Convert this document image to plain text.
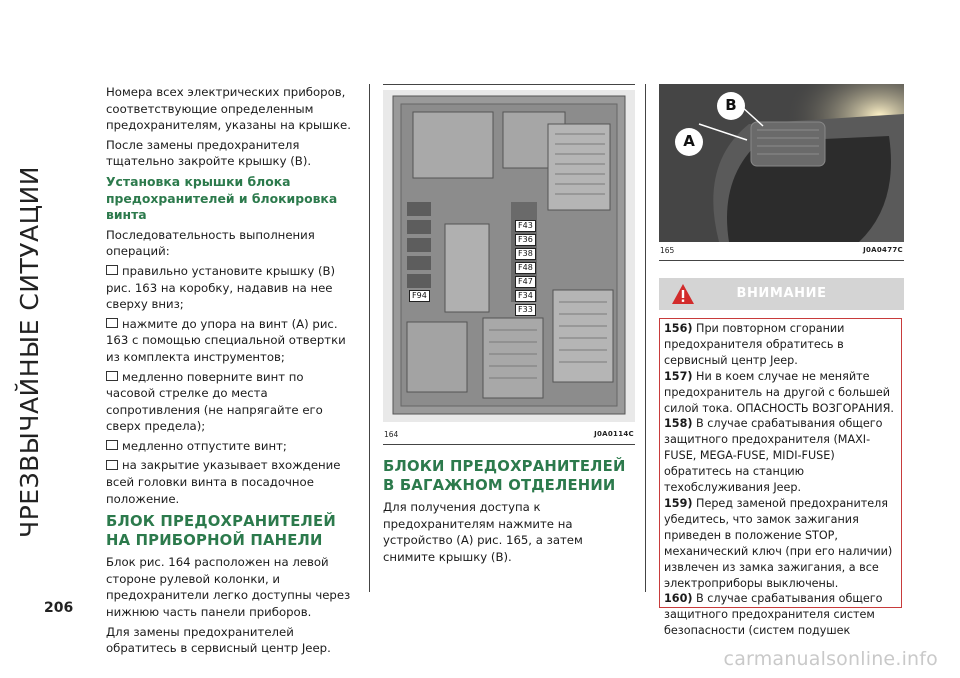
ЧРЕЗВЫЧАЙНЫЕ СИТУАЦИИ
206

Номера всех электрических приборов, соответствующие определенным предохранителям, указаны на крышке.

После замены предохранителя тщательно закройте крышку (В).

Установка крышки блока предохранителей и блокировка винта

Последовательность выполнения операций:

правильно установите крышку (В) рис. 163 на коробку, надавив на нее сверху вниз;

нажмите до упора на винт (А) рис. 163 с помощью специальной отвертки из комплекта инструментов;

медленно поверните винт по часовой стрелке до места сопротивления (не напрягайте его сверх предела);

медленно отпустите винт;

на закрытие указывает вхождение всей головки винта в посадочное положение.

БЛОК ПРЕДОХРАНИТЕЛЕЙ НА ПРИБОРНОЙ ПАНЕЛИ

Блок рис. 164 расположен на левой стороне рулевой колонки, и предохранители легко доступны через нижнюю часть панели приборов.

Для замены предохранителей обратитесь в сервисный центр Jeep.

F43
F36
F38
F48
F47
F34
F33
F94
164	J0A0114C
БЛОКИ ПРЕДОХРАНИТЕЛЕЙ В БАГАЖНОМ ОТДЕЛЕНИИ

Для получения доступа к предохранителям нажмите на устройство (А) рис. 165, а затем снимите крышку (В).

A
B
165	J0A0477C
ВНИМАНИЕ

156) При повторном сгорании предохранителя обратитесь в сервисный центр Jeep.

157) Ни в коем случае не меняйте предохранитель на другой с большей силой тока. ОПАСНОСТЬ ВОЗГОРАНИЯ.

158) В случае срабатывания общего защитного предохранителя (MAXI-FUSE, MEGA-FUSE, MIDI-FUSE) обратитесь на станцию техобслуживания Jeep.

159) Перед заменой предохранителя убедитесь, что замок зажигания приведен в положение STOP, механический ключ (при его наличии) извлечен из замка зажигания, а все электроприборы выключены.

160) В случае срабатывания общего защитного предохранителя систем безопасности (систем подушек

carmanualsonline.info
